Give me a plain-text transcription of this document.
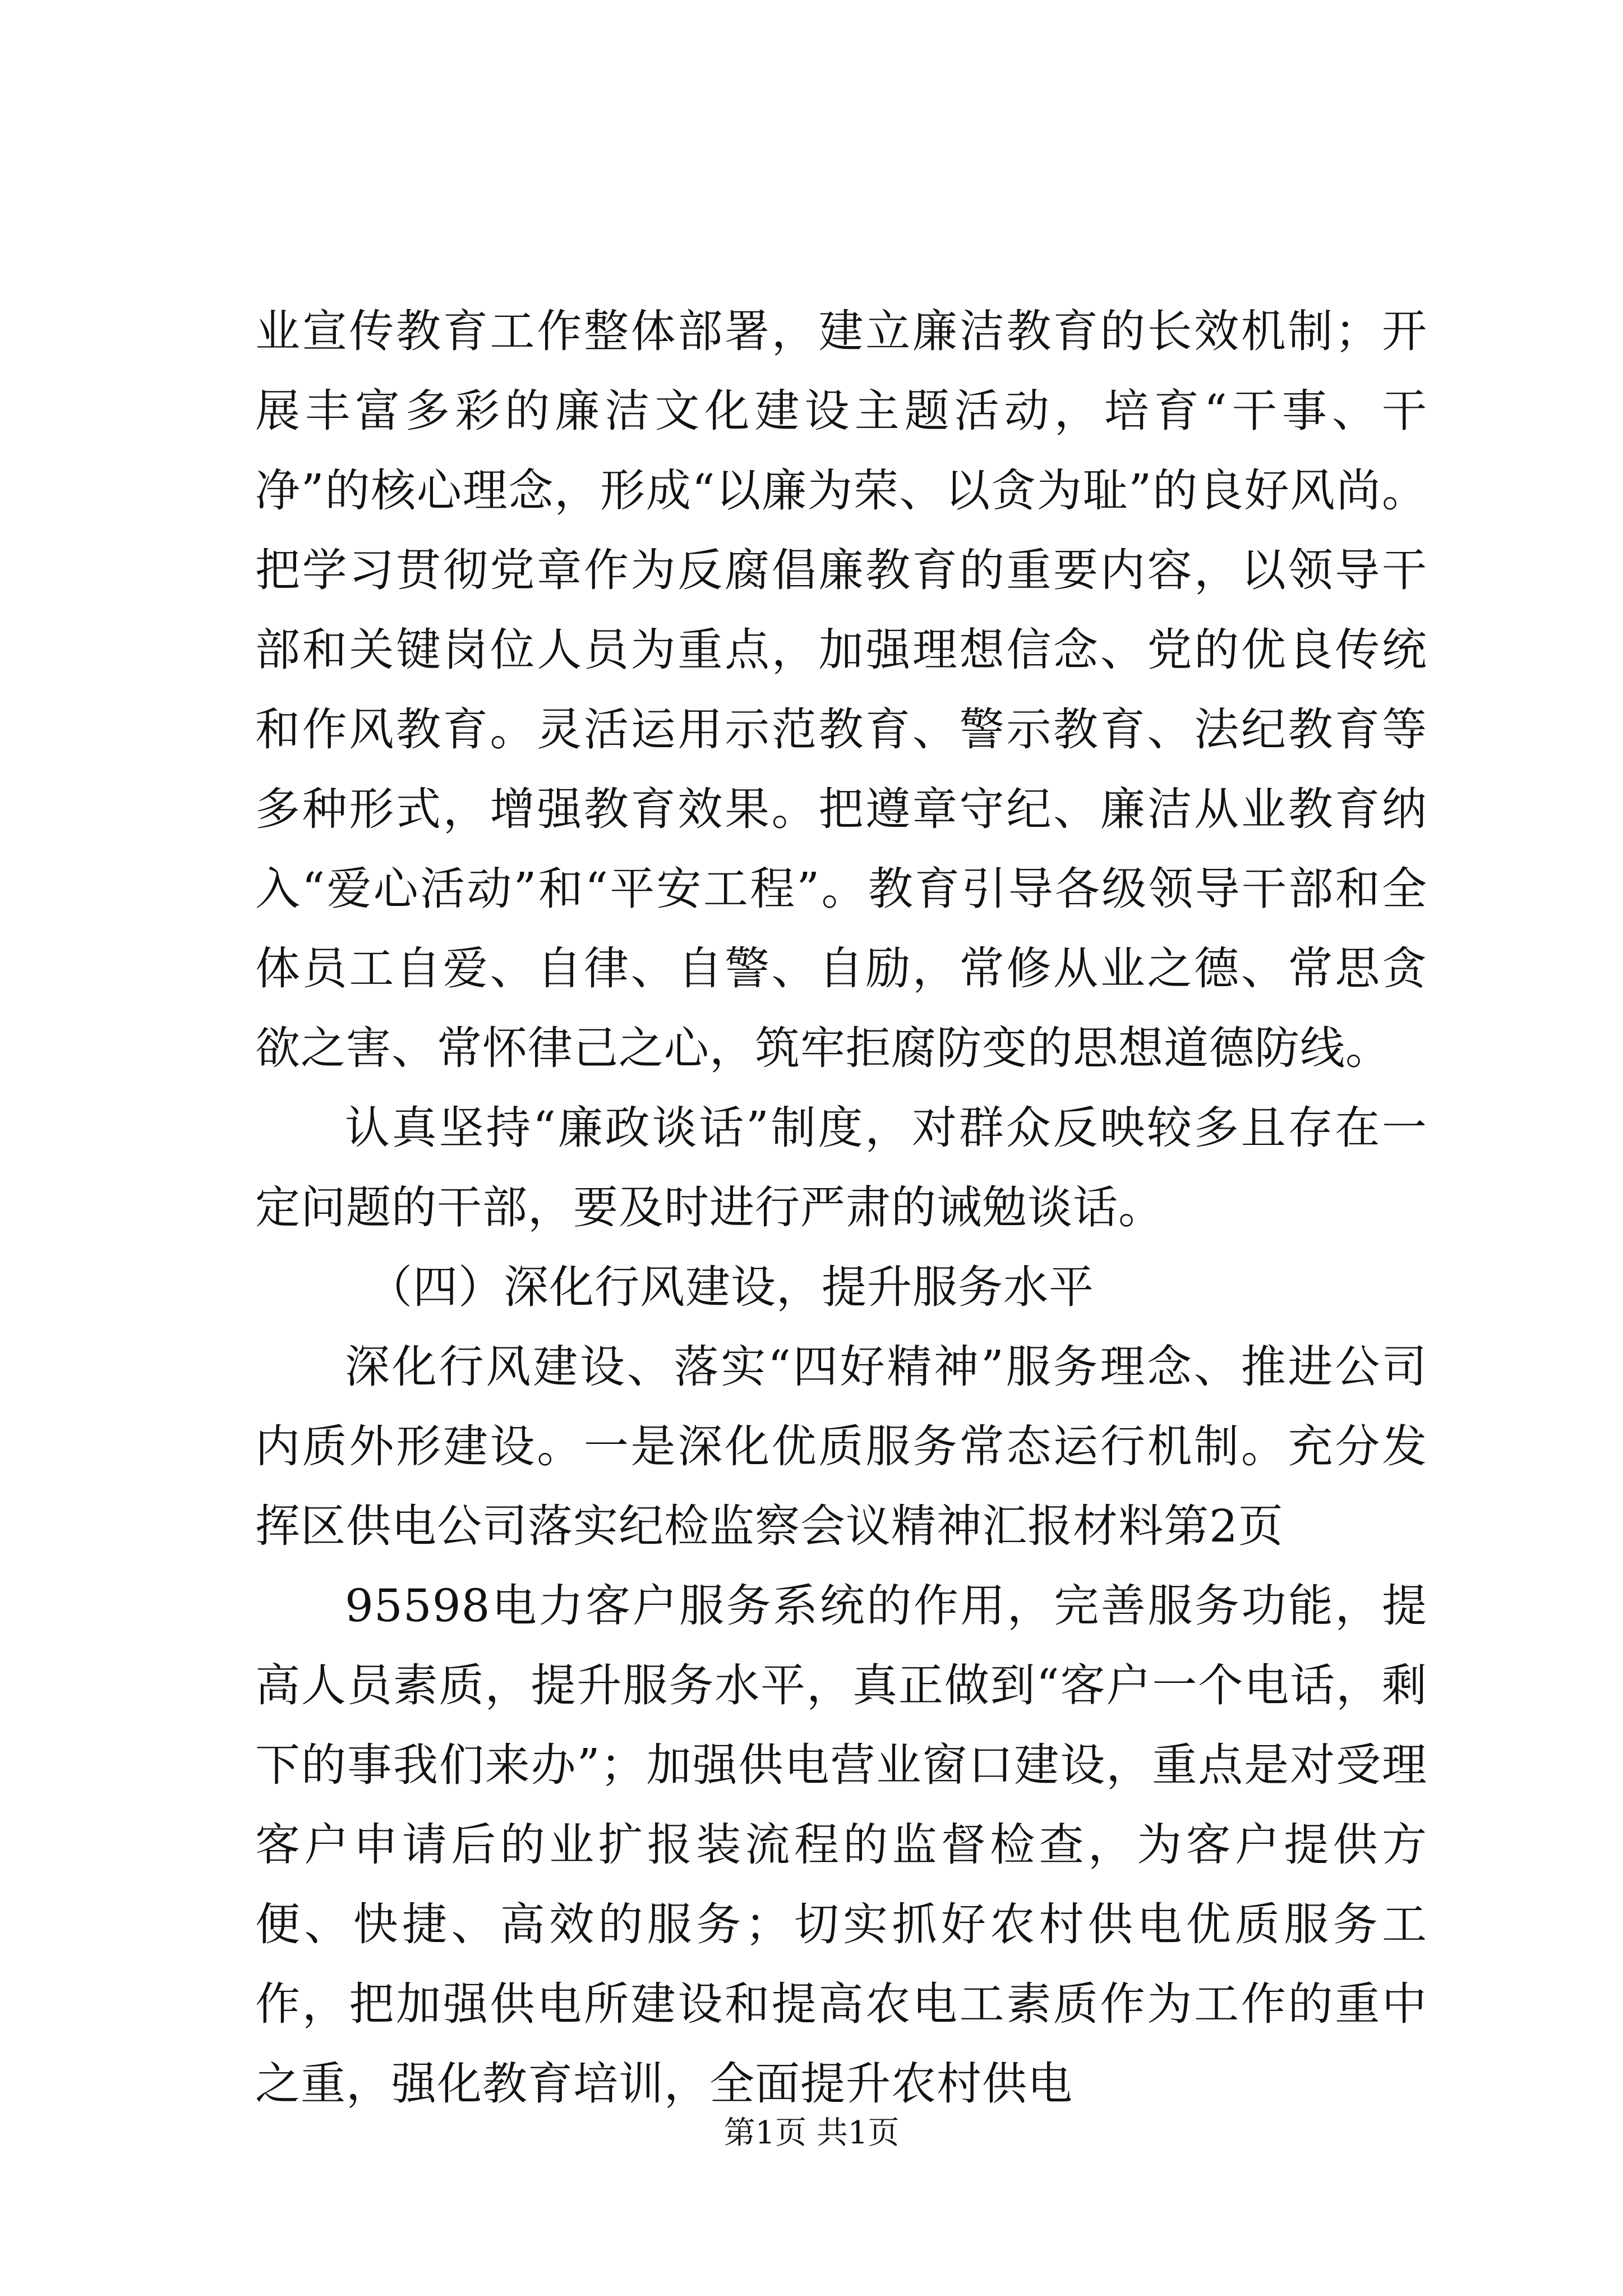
业宣传教育工作整体部署，建立廉洁教育的长效机制；开展丰富多彩的廉洁文化建设主题活动，培育“干事、干净”的核心理念，形成“以廉为荣、以贪为耻”的良好风尚。把学习贯彻党章作为反腐倡廉教育的重要内容，以领导干部和关键岗位人员为重点，加强理想信念、党的优良传统和作风教育。灵活运用示范教育、警示教育、法纪教育等多种形式，增强教育效果。把遵章守纪、廉洁从业教育纳入“爱心活动”和“平安工程”。教育引导各级领导干部和全体员工自爱、自律、自警、自励，常修从业之德、常思贪欲之害、常怀律己之心，筑牢拒腐防变的思想道德防线。

认真坚持“廉政谈话”制度，对群众反映较多且存在一定问题的干部，要及时进行严肃的诫勉谈话。

（四）深化行风建设，提升服务水平

深化行风建设、落实“四好精神”服务理念、推进公司内质外形建设。一是深化优质服务常态运行机制。充分发挥区供电公司落实纪检监察会议精神汇报材料第2页

95598电力客户服务系统的作用，完善服务功能，提高人员素质，提升服务水平，真正做到“客户一个电话，剩下的事我们来办”；加强供电营业窗口建设，重点是对受理客户申请后的业扩报装流程的监督检查，为客户提供方便、快捷、高效的服务；切实抓好农村供电优质服务工作，把加强供电所建设和提高农电工素质作为工作的重中之重，强化教育培训，全面提升农村供电

第1页 共1页
